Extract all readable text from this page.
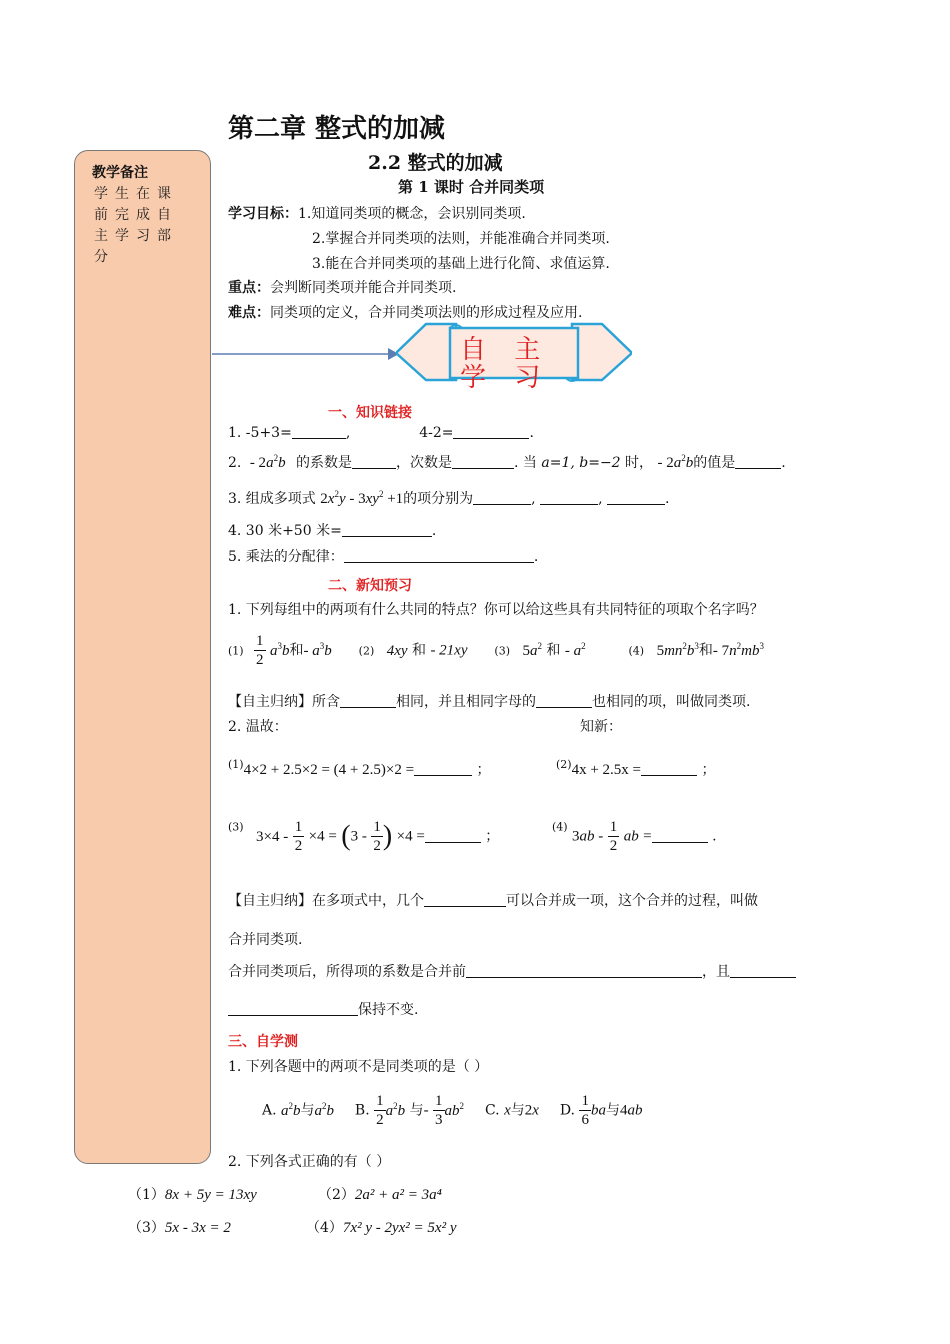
教学备注
学生在课前完成自主学习部分
第二章 整式的加减
2.2 整式的加减
第 1 课时 合并同类项
学习目标：1.知道同类项的概念，会识别同类项.
2.掌握合并同类项的法则，并能准确合并同类项.
3.能在合并同类项的基础上进行化简、求值运算.
重点：会判断同类项并能合并同类项.
难点：同类项的定义，合并同类项法则的形成过程及应用.
自 主 学 习
一、知识链接
1. -5+3=	,	4-2=	.
2. - $2a^2b$ 的系数是	，次数是	. 当 a=1, b=−2 时， - $2a^2b$的值是	.
3. 组成多项式 $2x^2y - 3xy^2 +1$的项分别为	,	,	.
4. 30 米+50 米=	.
5. 乘法的分配律：	.
二、新知预习
1. 下列每组中的两项有什么共同的特点？你可以给这些具有共同特征的项取个名字吗？
$(1) \frac{1}{2} a^3b$和- $a^3b$ (2) 4xy 和 - 21xy (3) $5a^2$ 和 - $a^2$	(4) $5mn^2b^3$和- $7n^2mb^3$
【自主归纳】所含	相同，并且相同字母的	也相同的项，叫做同类项.
2. 温故：	知新：
$^{(1)}$4×2 + 2.5×2 = (4 + 2.5)×2 =	；	$^{(2)}$4x + 2.5x =	；
$^{(3)}$ $3\times 4 - \frac{1}{2} \times 4 = (3 - \frac{1}{2}$ ) ×4 =	；
$^{(4)}$ $3ab - \frac{1}{2}$ ab =	.
【自主归纳】在多项式中，几个	可以合并成一项，这个合并的过程，叫做
合并同类项.
合并同类项后，所得项的系数是合并前	，且
保持不变.
三、自学测
1. 下列各题中的两项不是同类项的是（ ）
A. $a^2b$与$a^2b$ B. $\frac{1}{2} a^2b$ 与- $\frac{1}{3} ab^2$ C. x与2x D. $\frac{1}{6}$ ba与4ab
2. 下列各式正确的有（ ）
（1）8x + 5y = 13xy	（2）2a² + a² = 3a⁴
（3）5x - 3x = 2	（4）7x² y - 2yx² = 5x² y
